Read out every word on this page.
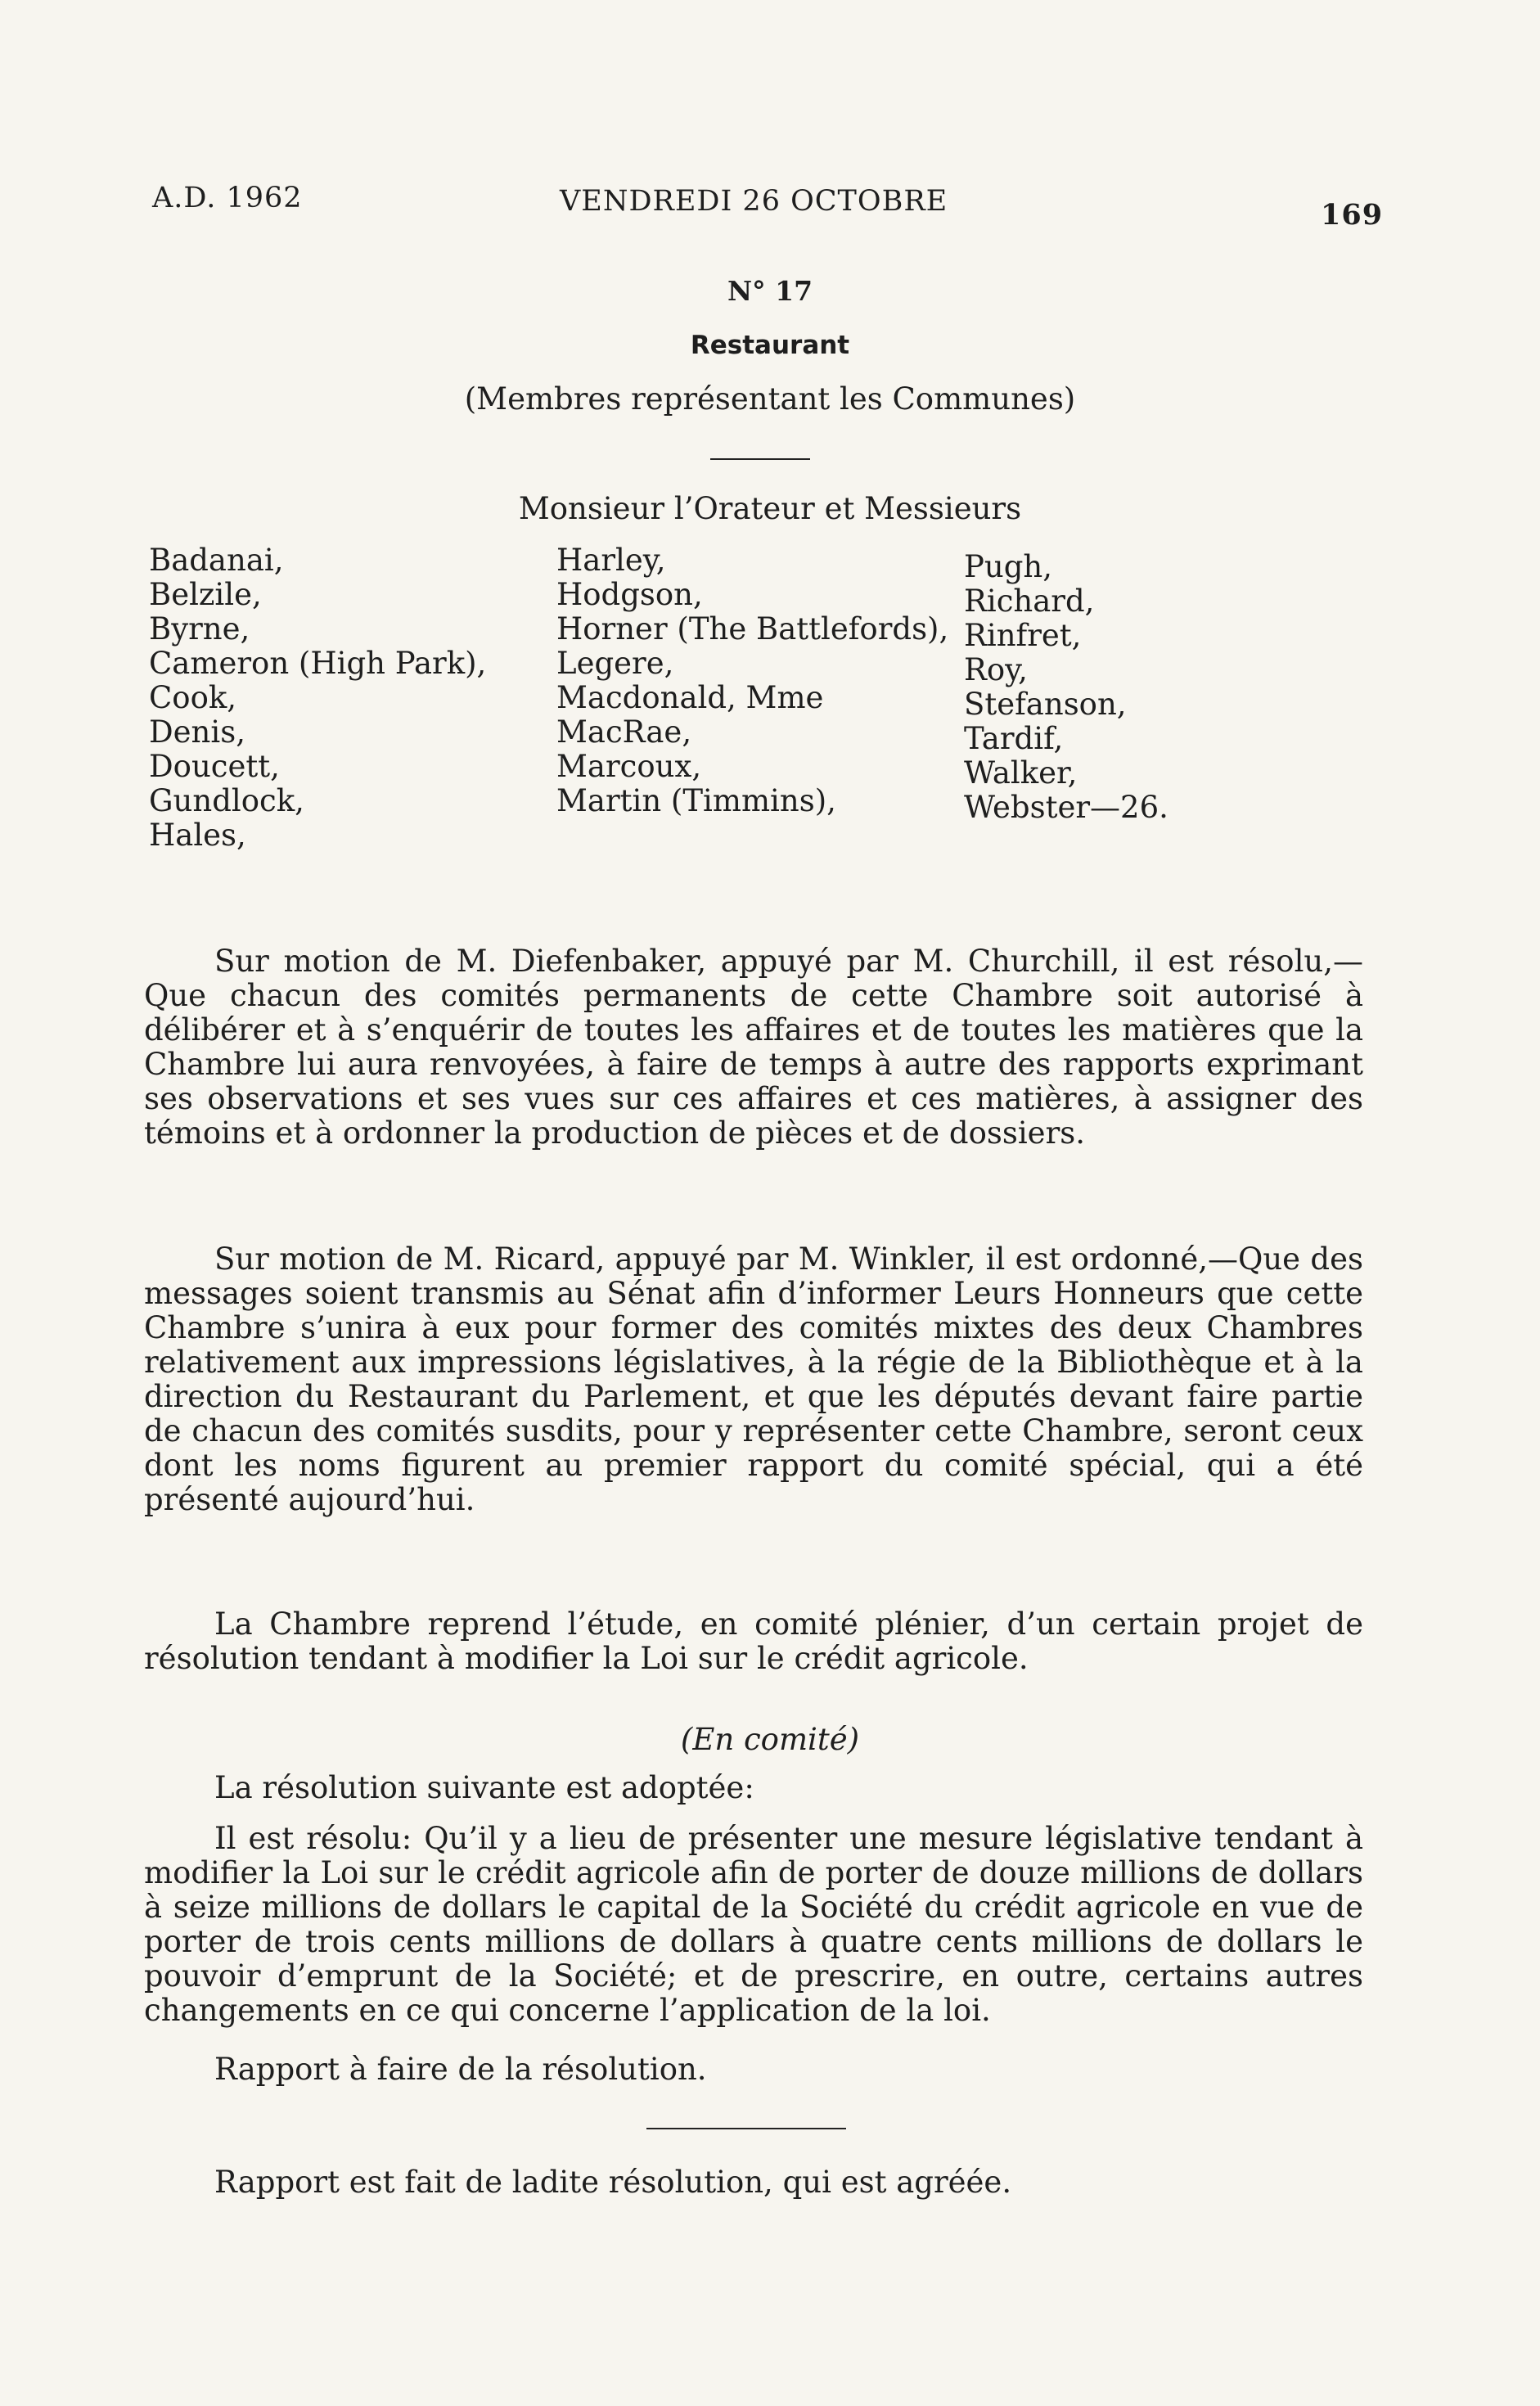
A.D. 1962	VENDREDI 26 OCTOBRE	169
N° 17
Restaurant
(Membres représentant les Communes)
Monsieur l’Orateur et Messieurs
Badanai,
Belzile,
Byrne,
Cameron (High Park),
Cook,
Denis,
Doucett,
Gundlock,
Hales,
Harley,
Hodgson,
Horner (The Battlefords),
Legere,
Macdonald, Mme
MacRae,
Marcoux,
Martin (Timmins),
Pugh,
Richard,
Rinfret,
Roy,
Stefanson,
Tardif,
Walker,
Webster—26.

Sur motion de M. Diefenbaker, appuyé par M. Churchill, il est résolu,—Que chacun des comités permanents de cette Chambre soit autorisé à délibérer et à s’enquérir de toutes les affaires et de toutes les matières que la Chambre lui aura renvoyées, à faire de temps à autre des rapports exprimant ses observations et ses vues sur ces affaires et ces matières, à assigner des témoins et à ordonner la production de pièces et de dossiers.

Sur motion de M. Ricard, appuyé par M. Winkler, il est ordonné,—Que des messages soient transmis au Sénat afin d’informer Leurs Honneurs que cette Chambre s’unira à eux pour former des comités mixtes des deux Chambres relativement aux impressions législatives, à la régie de la Bibliothèque et à la direction du Restaurant du Parlement, et que les députés devant faire partie de chacun des comités susdits, pour y représenter cette Chambre, seront ceux dont les noms figurent au premier rapport du comité spécial, qui a été présenté aujourd’hui.

La Chambre reprend l’étude, en comité plénier, d’un certain projet de résolution tendant à modifier la Loi sur le crédit agricole.

(En comité)

La résolution suivante est adoptée:

Il est résolu: Qu’il y a lieu de présenter une mesure législative tendant à modifier la Loi sur le crédit agricole afin de porter de douze millions de dollars à seize millions de dollars le capital de la Société du crédit agricole en vue de porter de trois cents millions de dollars à quatre cents millions de dollars le pouvoir d’emprunt de la Société; et de prescrire, en outre, certains autres changements en ce qui concerne l’application de la loi.

Rapport à faire de la résolution.

Rapport est fait de ladite résolution, qui est agréée.
